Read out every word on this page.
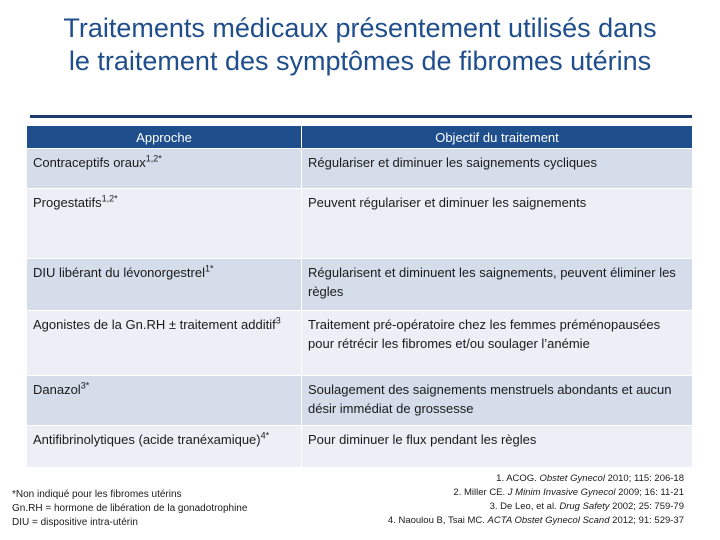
Traitements médicaux présentement utilisés dans
le traitement des symptômes de fibromes utérins
Approche	Objectif du traitement
Contraceptifs oraux$^{1,2*}$	Régulariser et diminuer les saignements cycliques
Progestatifs$^{1,2*}$	Peuvent régulariser et diminuer les saignements
DIU libérant du lévonorgestrel$^{1*}$	Régularisent et diminuent les saignements, peuvent éliminer les règles
Agonistes de la Gn.RH ± traitement additif$^3$	Traitement pré-opératoire chez les femmes préménopausées pour rétrécir les fibromes et/ou soulager l’anémie
Danazol$^{3*}$	Soulagement des saignements menstruels abondants et aucun désir immédiat de grossesse
Antifibrinolytiques (acide tranéxamique)$^{4*}$	Pour diminuer le flux pendant les règles
*Non indiqué pour les fibromes utérins
Gn.RH = hormone de libération de la gonadotrophine
DIU = dispositive intra-utérin
1. ACOG. Obstet Gynecol 2010; 115: 206-18
2. Miller CE. J Minim Invasive Gynecol 2009; 16: 11-21
3. De Leo, et al. Drug Safety 2002; 25: 759-79
4. Naoulou B, Tsai MC. ACTA Obstet Gynecol Scand 2012; 91: 529-37
